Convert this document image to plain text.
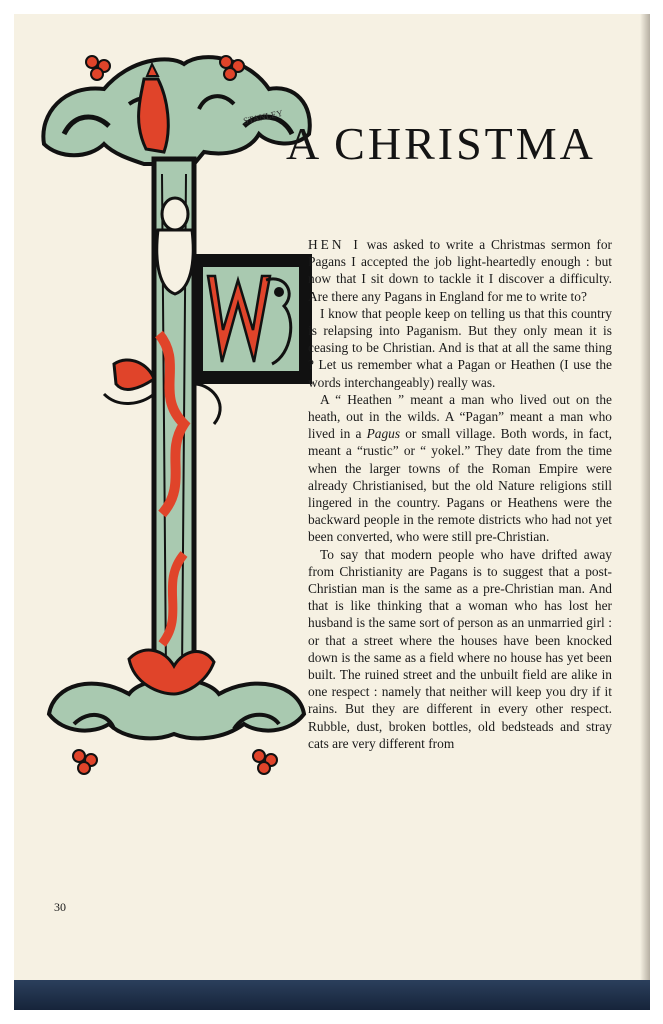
STANLEY
A CHRISTMA

HEN I was asked to write a Christmas sermon for Pagans I accepted the job light-heartedly enough : but now that I sit down to tackle it I discover a difficulty. Are there any Pagans in England for me to write to?

I know that people keep on telling us that this country is relapsing into Paganism. But they only mean it is ceasing to be Christian. And is that at all the same thing ? Let us remember what a Pagan or Heathen (I use the words interchangeably) really was.

A “ Heathen ” meant a man who lived out on the heath, out in the wilds. A “Pagan” meant a man who lived in a Pagus or small village. Both words, in fact, meant a “rustic” or “ yokel.” They date from the time when the larger towns of the Roman Empire were already Christianised, but the old Nature religions still lingered in the country. Pagans or Heathens were the backward people in the remote districts who had not yet been converted, who were still pre-Christian.

To say that modern people who have drifted away from Christianity are Pagans is to suggest that a post-Christian man is the same as a pre-Christian man. And that is like thinking that a woman who has lost her husband is the same sort of person as an unmarried girl : or that a street where the houses have been knocked down is the same as a field where no house has yet been built. The ruined street and the unbuilt field are alike in one respect : namely that neither will keep you dry if it rains. But they are different in every other respect. Rubble, dust, broken bottles, old bedsteads and stray cats are very different from

30
